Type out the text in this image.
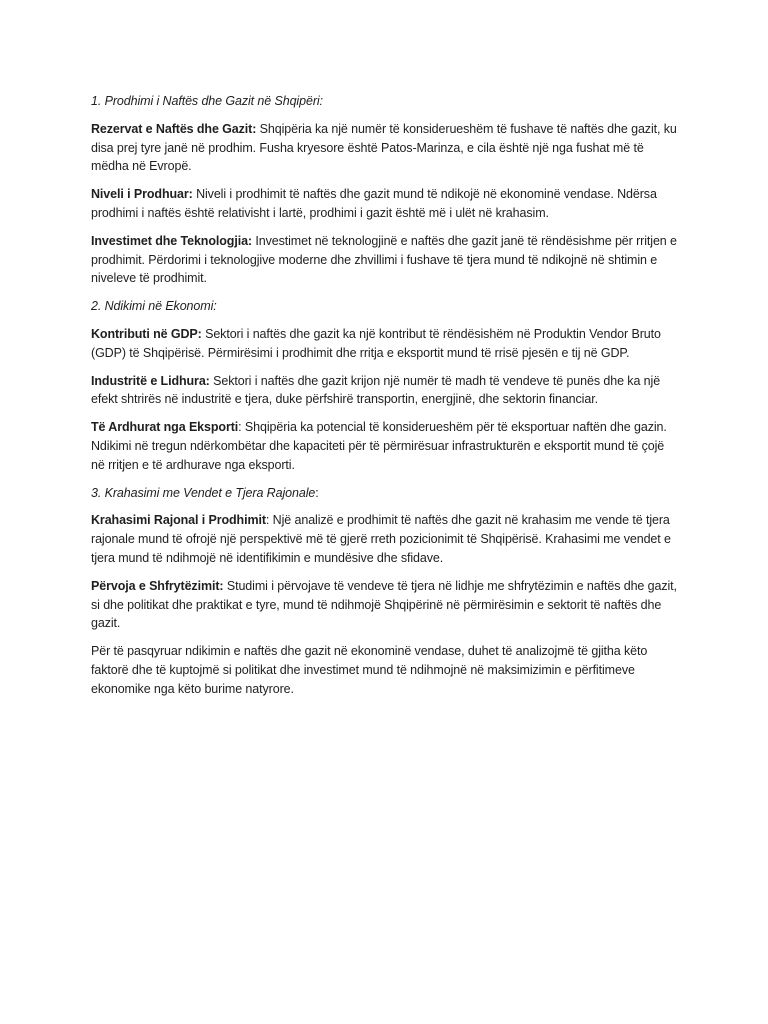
1. Prodhimi i Naftës dhe Gazit në Shqipëri:

Rezervat e Naftës dhe Gazit: Shqipëria ka një numër të konsiderueshëm të fushave të naftës dhe gazit, ku disa prej tyre janë në prodhim. Fusha kryesore është Patos-Marinza, e cila është një nga fushat më të mëdha në Evropë.

Niveli i Prodhuar: Niveli i prodhimit të naftës dhe gazit mund të ndikojë në ekonominë vendase. Ndërsa prodhimi i naftës është relativisht i lartë, prodhimi i gazit është më i ulët në krahasim.

Investimet dhe Teknologjia: Investimet në teknologjinë e naftës dhe gazit janë të rëndësishme për rritjen e prodhimit. Përdorimi i teknologjive moderne dhe zhvillimi i fushave të tjera mund të ndikojnë në shtimin e niveleve të prodhimit.

2. Ndikimi në Ekonomi:

Kontributi në GDP: Sektori i naftës dhe gazit ka një kontribut të rëndësishëm në Produktin Vendor Bruto (GDP) të Shqipërisë. Përmirësimi i prodhimit dhe rritja e eksportit mund të rrisë pjesën e tij në GDP.

Industritë e Lidhura: Sektori i naftës dhe gazit krijon një numër të madh të vendeve të punës dhe ka një efekt shtrirës në industritë e tjera, duke përfshirë transportin, energjinë, dhe sektorin financiar.

Të Ardhurat nga Eksporti: Shqipëria ka potencial të konsiderueshëm për të eksportuar naftën dhe gazin. Ndikimi në tregun ndërkombëtar dhe kapaciteti për të përmirësuar infrastrukturën e eksportit mund të çojë në rritjen e të ardhurave nga eksporti.

3. Krahasimi me Vendet e Tjera Rajonale:

Krahasimi Rajonal i Prodhimit: Një analizë e prodhimit të naftës dhe gazit në krahasim me vende të tjera rajonale mund të ofrojë një perspektivë më të gjerë rreth pozicionimit të Shqipërisë. Krahasimi me vendet e tjera mund të ndihmojë në identifikimin e mundësive dhe sfidave.

Përvoja e Shfrytëzimit: Studimi i përvojave të vendeve të tjera në lidhje me shfrytëzimin e naftës dhe gazit, si dhe politikat dhe praktikat e tyre, mund të ndihmojë Shqipërinë në përmirësimin e sektorit të naftës dhe gazit.

Për të pasqyruar ndikimin e naftës dhe gazit në ekonominë vendase, duhet të analizojmë të gjitha këto faktorë dhe të kuptojmë si politikat dhe investimet mund të ndihmojnë në maksimizimin e përfitimeve ekonomike nga këto burime natyrore.
